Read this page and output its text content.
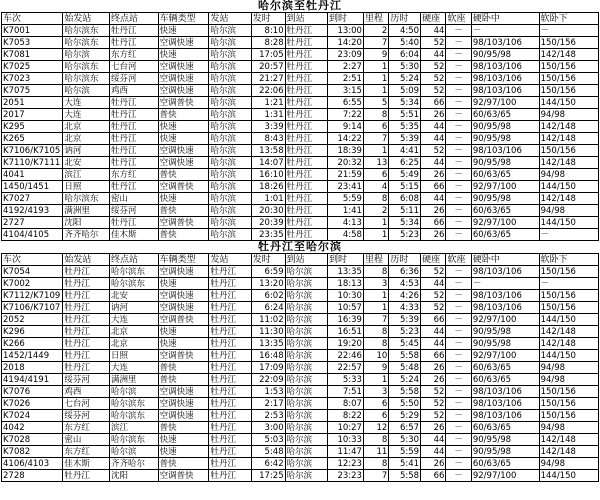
哈尔滨至牡丹江
车次	始发站	终点站	车辆类型	发站	发时	到站	到时	里程	历时	硬座	软座	硬卧中	软卧下
K7001	哈尔滨东	牡丹江	快速	哈尔滨	8:10	牡丹江	13:00	2	4:50	44	－	－	－
K7053	哈尔滨东	牡丹江	空调快速	哈尔滨	8:28	牡丹江	14:20	7	5:40	52	－	98/103/106	150/156
K7081	哈尔滨	东方红	快速	哈尔滨	17:05	牡丹江	23:09	9	6:04	44	－	90/95/98	142/148
K7025	哈尔滨东	七台河	空调快速	哈尔滨	20:57	牡丹江	2:27	1	5:30	52	－	98/103/106	150/156
K7023	哈尔滨东	绥芬河	空调快速	哈尔滨	21:27	牡丹江	2:51	1	5:24	52	－	98/103/106	150/156
K7075	哈尔滨	鸡西	空调快速	哈尔滨	22:06	牡丹江	3:15	1	5:09	52	－	98/103/106	150/156
2051	大连	牡丹江	空调普快	哈尔滨	1:21	牡丹江	6:55	5	5:34	66	－	92/97/100	144/150
2017	大连	牡丹江	普快	哈尔滨	1:31	牡丹江	7:22	8	5:51	26	－	60/63/65	94/98
K295	北京	牡丹江	快速	哈尔滨	3:39	牡丹江	9:14	6	5:35	44	－	90/95/98	142/148
K265	北京	牡丹江	快速	哈尔滨	8:43	牡丹江	14:22	7	5:39	44	－	90/95/98	142/148
K7106/K7105	讷河	牡丹江	空调快速	哈尔滨	13:58	牡丹江	18:39	1	4:41	52	－	98/103/106	150/156
K7110/K7111	北安	牡丹江	空调快速	哈尔滨	14:07	牡丹江	20:32	13	6:25	44	－	90/95/98	142/148
4041	滨江	东方红	普快	哈尔滨	16:10	牡丹江	21:59	6	5:49	26	－	60/63/65	94/98
1450/1451	日照	牡丹江	空调普快	哈尔滨	18:26	牡丹江	23:41	4	5:15	66	－	92/97/100	144/150
K7027	哈尔滨东	密山	快速	哈尔滨	1:01	牡丹江	5:59	8	6:08	44	－	90/95/98	142/148
4192/4193	满洲里	绥芬河	普快	哈尔滨	20:30	牡丹江	1:41	2	5:11	26	－	60/63/65	94/98
2727	沈阳	牡丹江	空调普快	哈尔滨	20:39	牡丹江	4:13	1	5:34	66	－	92/97/100	144/150
4104/4105	齐齐哈尔	佳木斯	普快	哈尔滨	23:35	牡丹江	4:58	1	5:23	26	－	60/63/65	－
牡丹江至哈尔滨
车次	始发站	终点站	车辆类型	发站	发时	到站	到时	里程	历时	硬座	软座	硬卧中	软卧下
K7054	牡丹江	哈尔滨东	空调快速	牡丹江	6:59	哈尔滨	13:35	8	6:36	52	－	98/103/106	150/156
K7002	牡丹江	哈尔滨东	快速	牡丹江	13:20	哈尔滨	18:13	3	4:53	44	－	－	－
K7112/K7109	牡丹江	北安	空调快速	牡丹江	6:02	哈尔滨	10:30	1	4:26	52	－	98/103/106	150/156
K7106/K7107	牡丹江	讷河	空调快速	牡丹江	6:24	哈尔滨	10:57	1	4:33	52	－	98/103/106	150/156
2052	牡丹江	大连	空调普快	牡丹江	11:02	哈尔滨	16:39	7	5:39	66	－	92/97/100	144/150
K296	牡丹江	北京	快速	牡丹江	11:30	哈尔滨	16:51	8	5:23	44	－	90/95/98	142/148
K266	牡丹江	北京	快速	牡丹江	13:35	哈尔滨	19:20	8	5:45	44	－	90/95/98	142/148
1452/1449	牡丹江	日照	空调普快	牡丹江	16:48	哈尔滨	22:46	10	5:58	66	－	92/97/100	144/150
2018	牡丹江	大连	普快	牡丹江	17:09	哈尔滨	22:57	9	5:48	26	－	60/63/65	94/98
4194/4191	绥芬河	满洲里	普快	牡丹江	22:09	哈尔滨	5:33	1	5:24	26	－	60/63/65	94/98
K7076	鸡西	哈尔滨	空调快速	牡丹江	1:53	哈尔滨	7:51	3	5:58	52	－	98/103/106	150/156
K7026	七台河	哈尔滨东	空调快速	牡丹江	2:17	哈尔滨	8:07	6	5:50	52	－	98/103/106	150/156
K7024	绥芬河	哈尔滨东	空调快速	牡丹江	2:53	哈尔滨	8:22	6	5:29	52	－	98/103/106	150/156
4042	东方红	滨江	普快	牡丹江	3:00	哈尔滨	10:27	12	6:57	26	－	60/63/65	94/98
K7028	密山	哈尔滨东	快速	牡丹江	5:03	哈尔滨	10:33	8	5:30	44	－	90/95/98	142/148
K7082	东方红	哈尔滨	快速	牡丹江	5:48	哈尔滨	11:47	11	5:59	44	－	90/95/98	142/148
4106/4103	佳木斯	齐齐哈尔	普快	牡丹江	6:42	哈尔滨	12:23	8	5:41	26	－	60/63/65	94/98
2728	牡丹江	沈阳	空调普快	牡丹江	17:25	哈尔滨	23:23	7	5:58	66	－	92/97/100	144/150
